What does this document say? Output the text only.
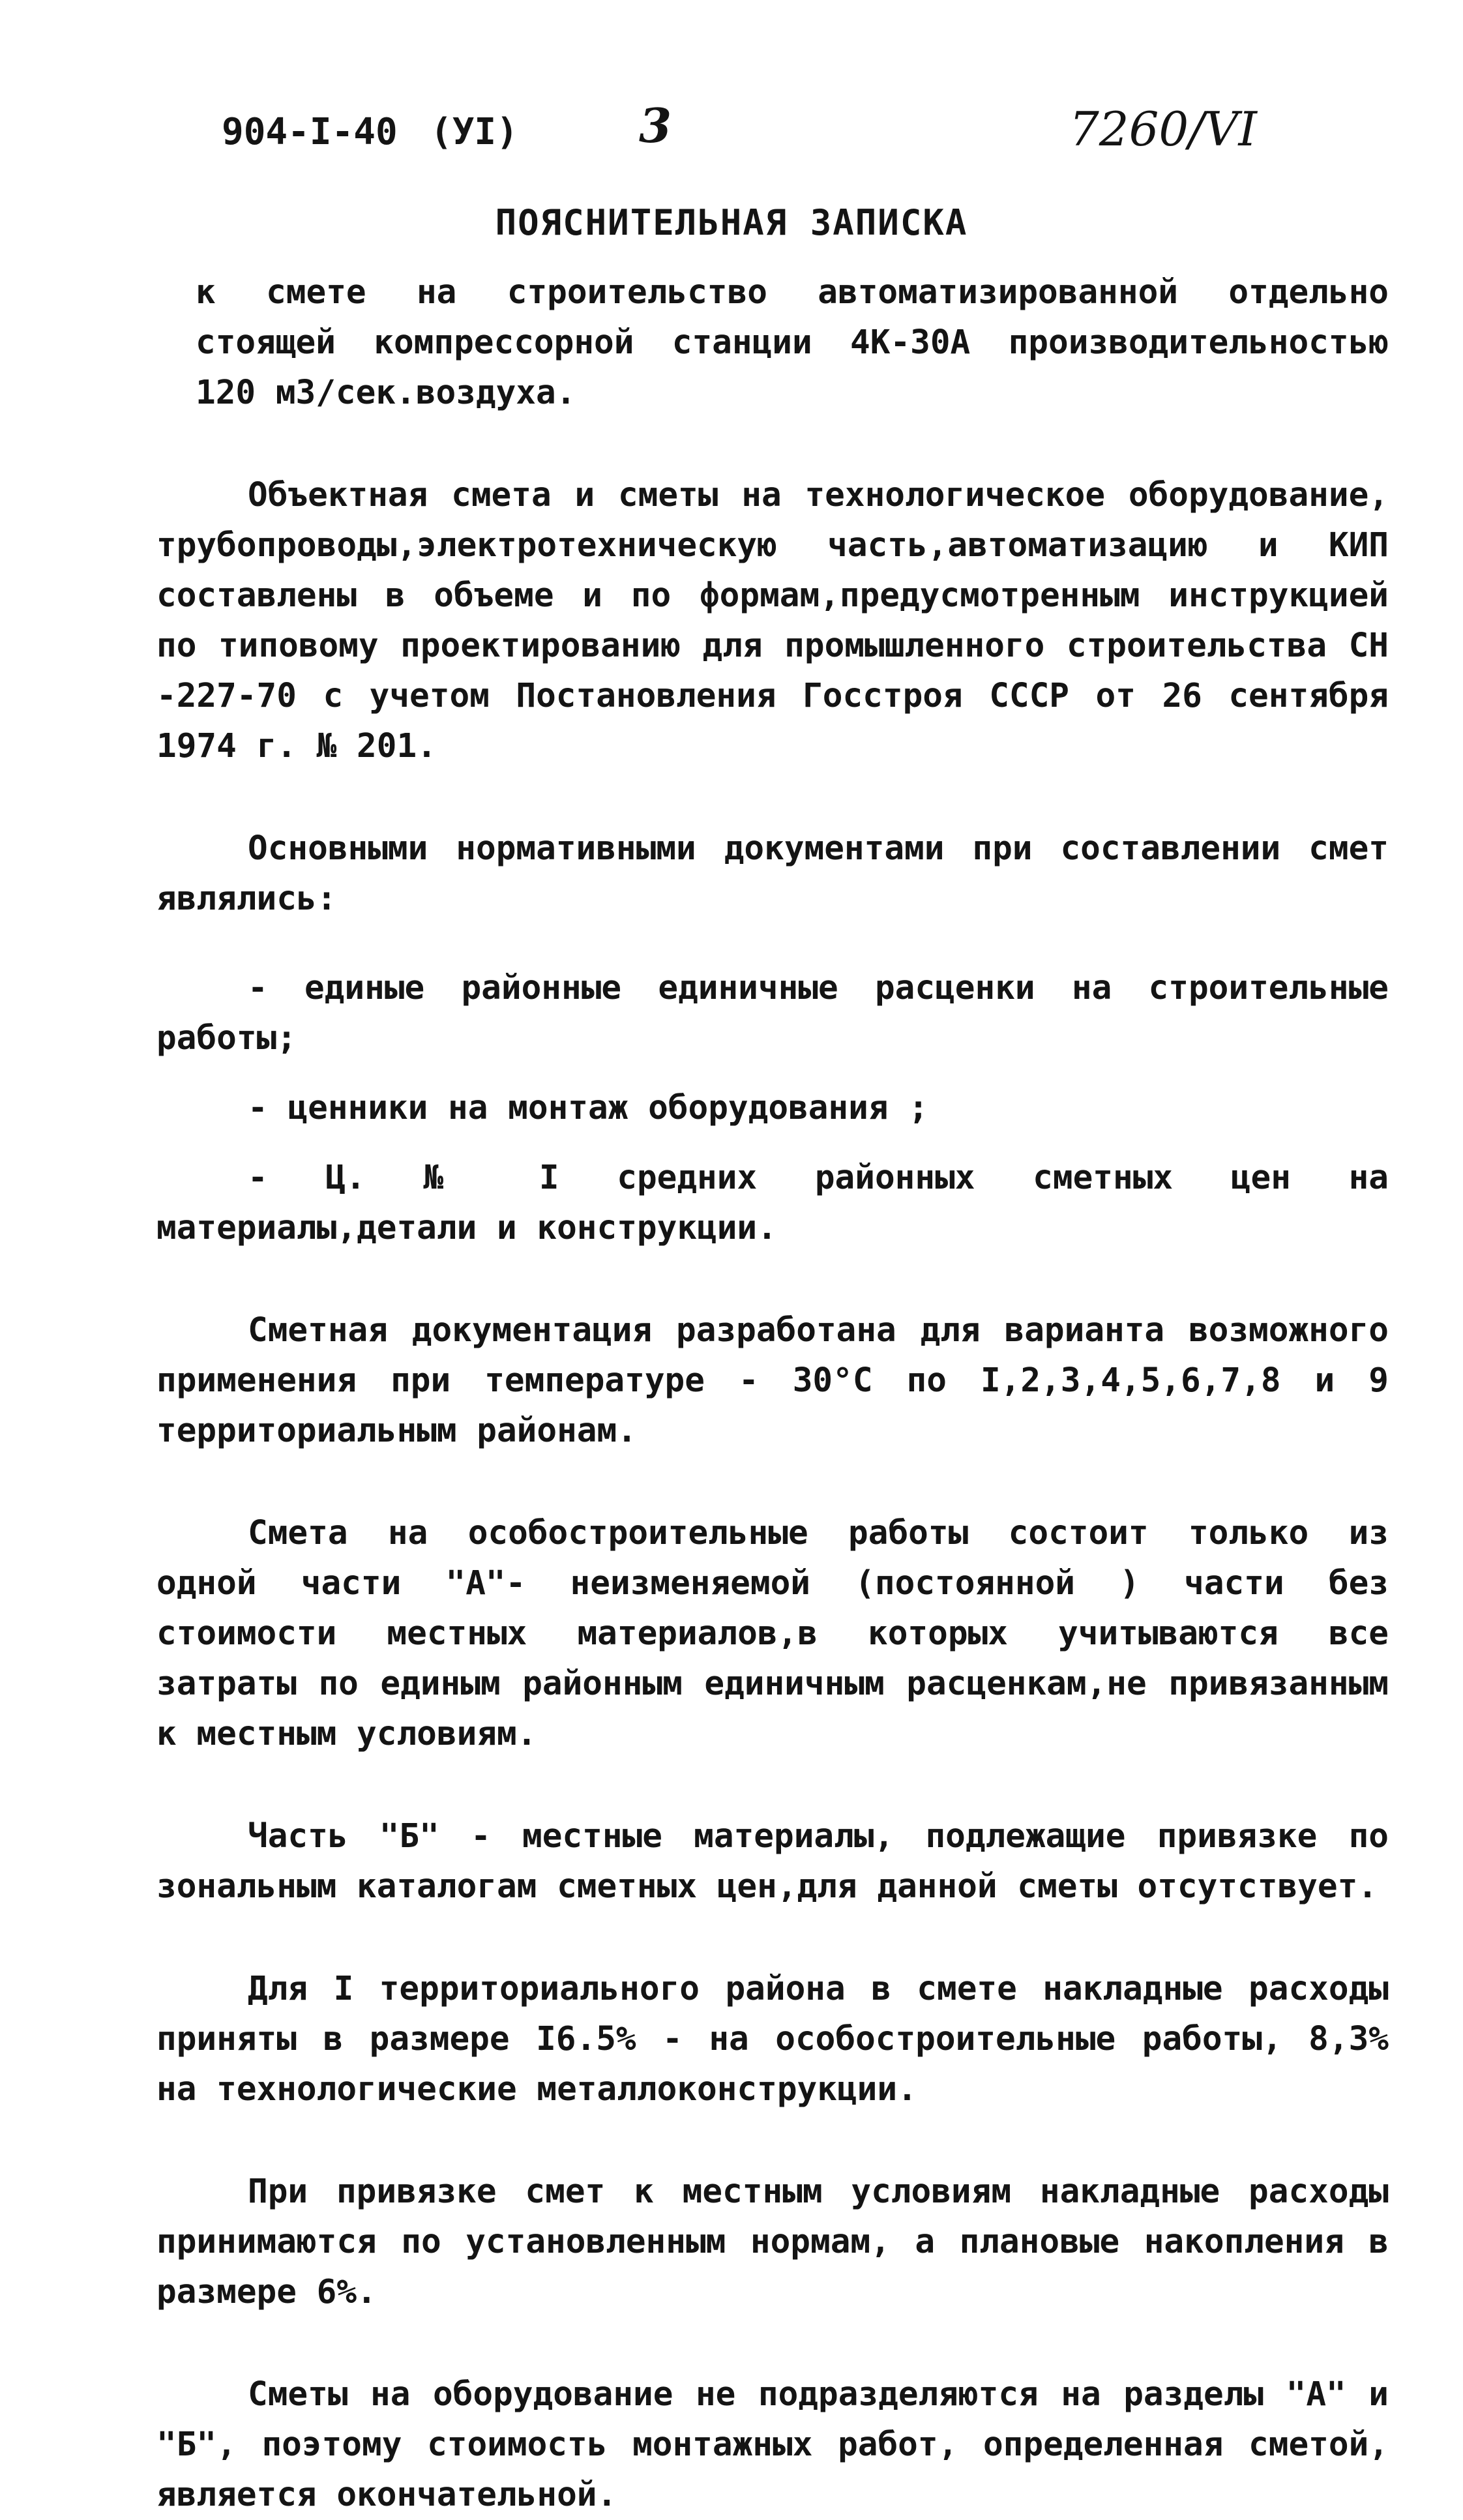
904-I-40 (УI)	3	7260/VI
ПОЯСНИТЕЛЬНАЯ ЗАПИСКА

к смете на строительство автоматизированной отдельно стоящей компрессорной станции 4К-30А производительностью 120 м3/сек.воздуха.

Объектная смета и сметы на технологическое оборудование, трубопроводы,электротехническую часть,автоматизацию и КИП составлены в объеме и по формам,предусмотренным инструкцией по типовому проектированию для промышленного строительства СН -227-70 с учетом Постановления Госстроя СССР от 26 сентября 1974 г. № 201.

Основными нормативными документами при составлении смет являлись:

- единые районные единичные расценки на строительные работы;

- ценники на монтаж оборудования ;

- Ц. № I средних районных сметных цен на материалы,детали и конструкции.

Сметная документация разработана для варианта возможного применения при температуре - 30°С по I,2,3,4,5,6,7,8 и 9 территориальным районам.

Смета на особостроительные работы состоит только из одной части "А"- неизменяемой (постоянной ) части без стоимости местных материалов,в которых учитываются все затраты по единым районным единичным расценкам,не привязанным к местным условиям.

Часть "Б" - местные материалы, подлежащие привязке по зональным каталогам сметных цен,для данной сметы отсутствует.

Для I территориального района в смете накладные расходы приняты в размере I6.5% - на особостроительные работы, 8,3% на технологические металлоконструкции.

При привязке смет к местным условиям накладные расходы принимаются по установленным нормам, а плановые накопления в размере 6%.

Сметы на оборудование не подразделяются на разделы "А" и "Б", поэтому стоимость монтажных работ, определенная сметой, является окончательной.
